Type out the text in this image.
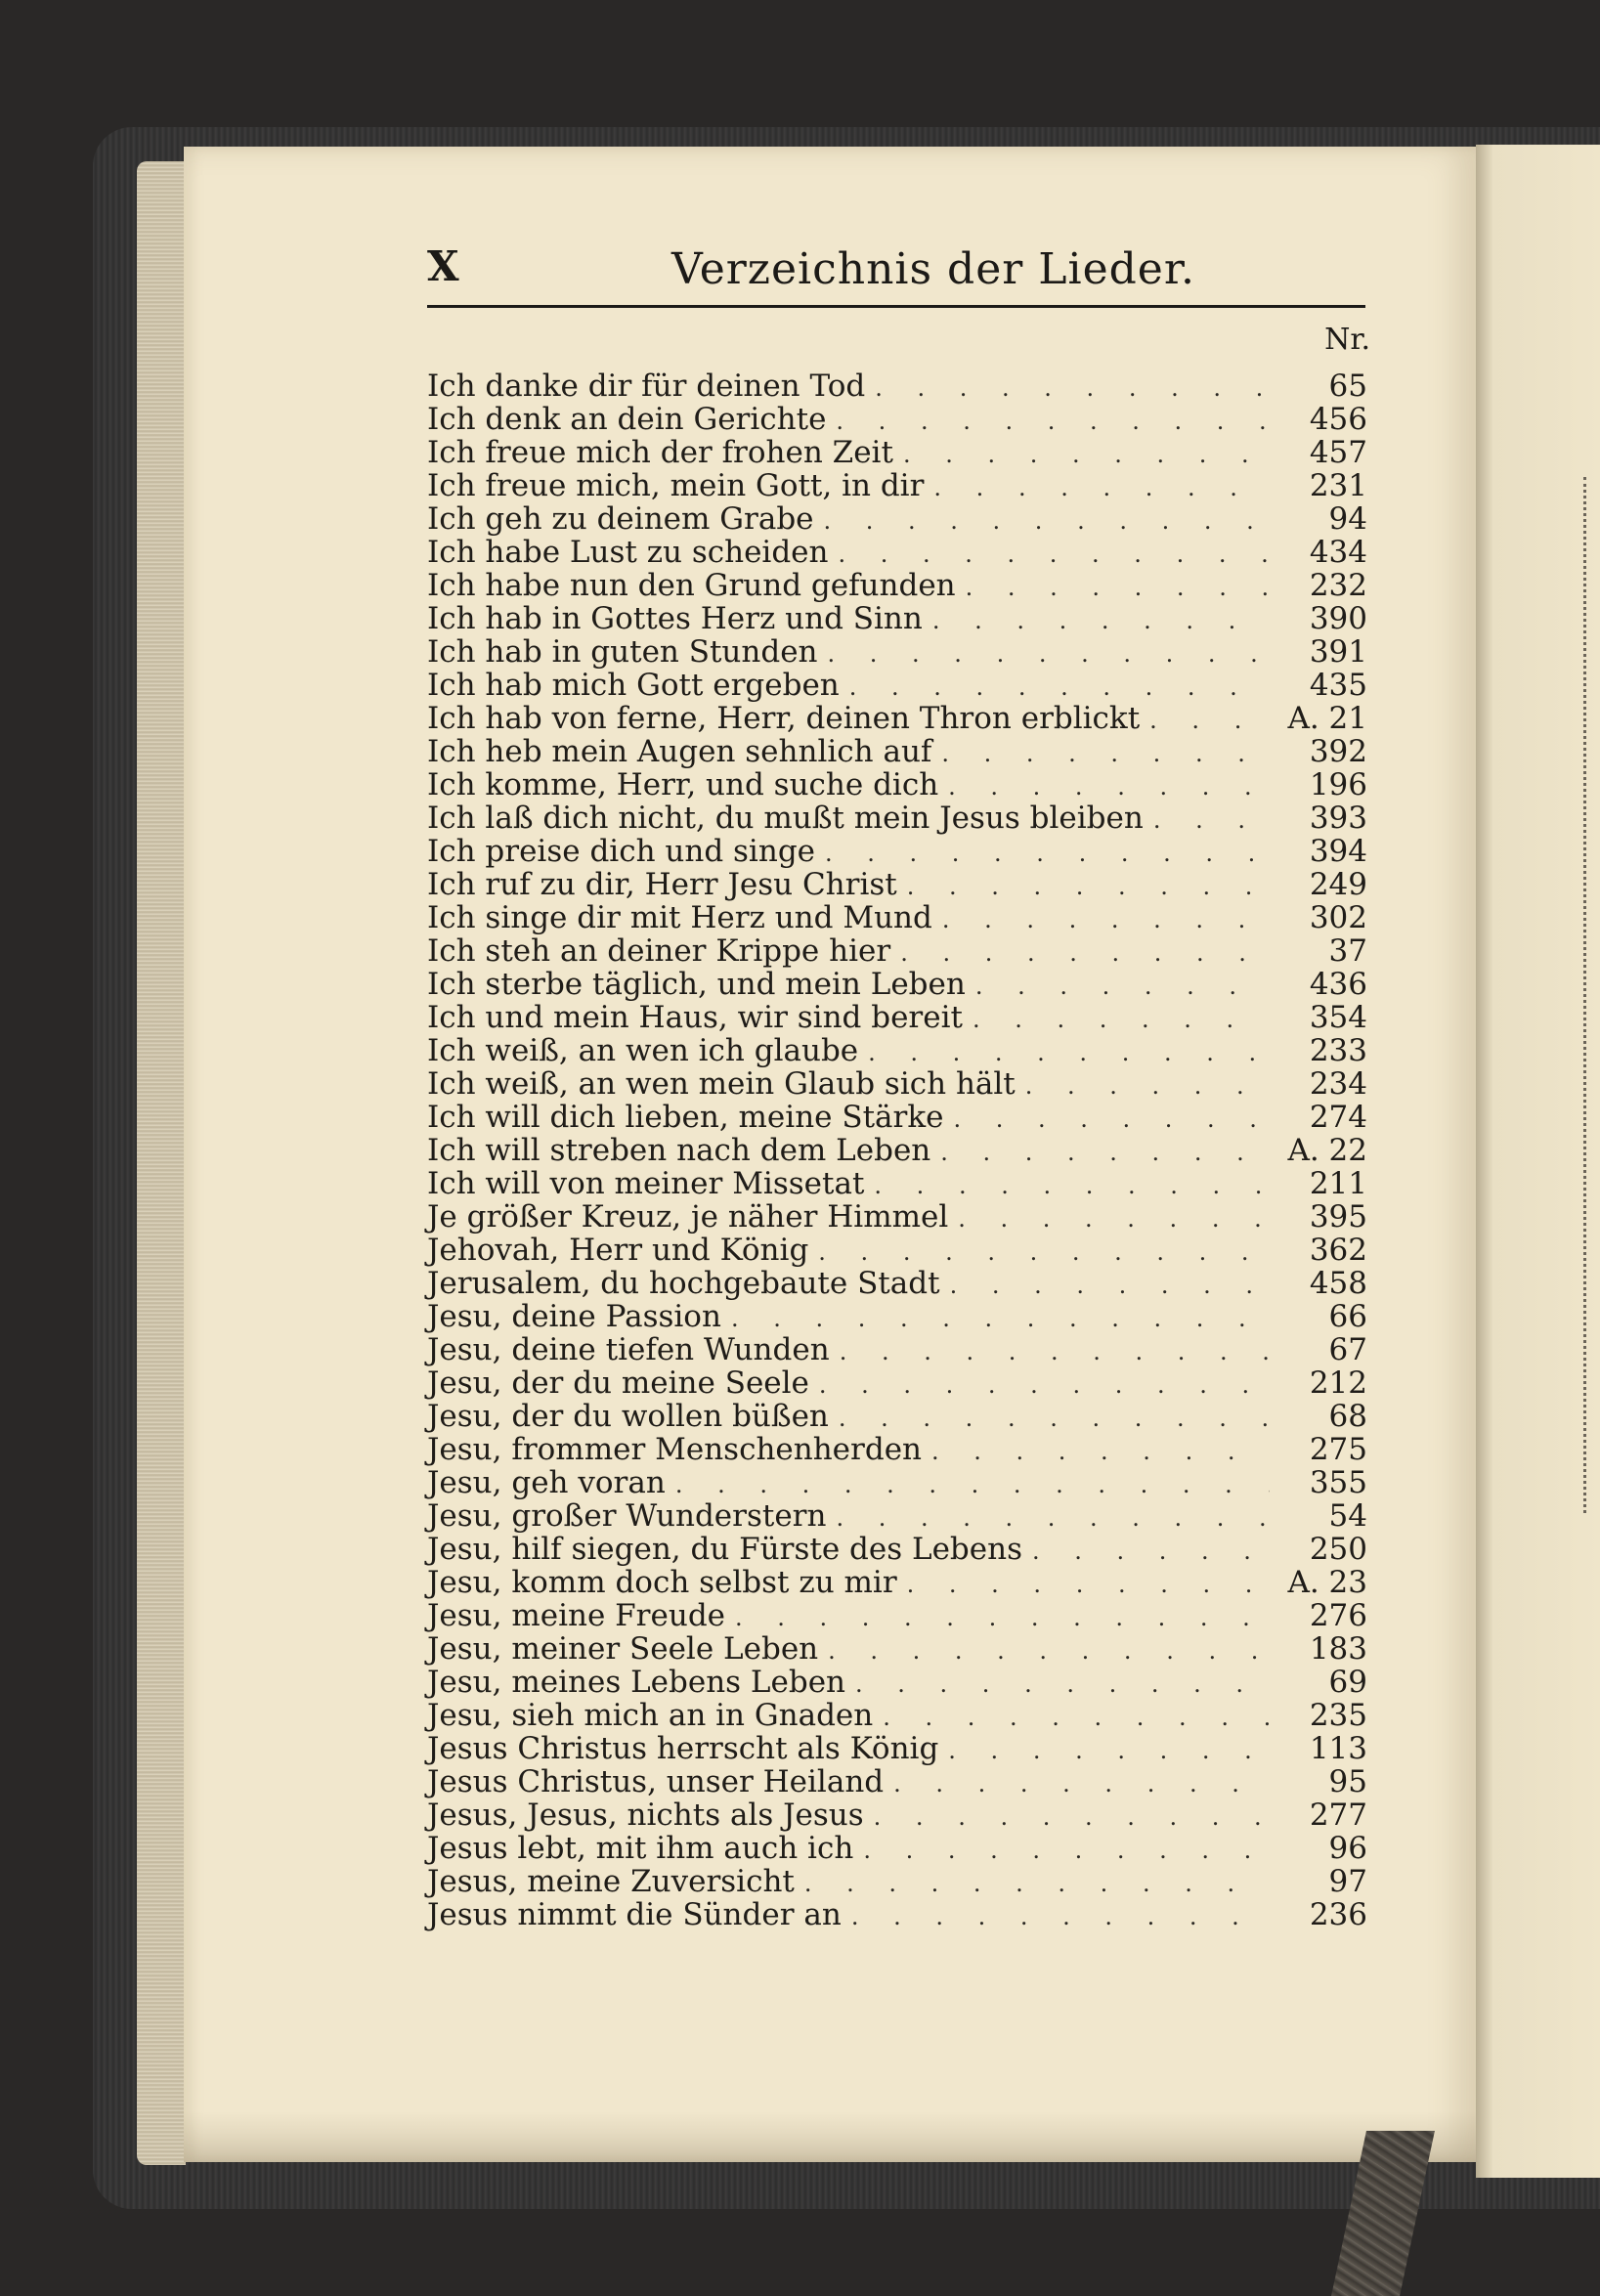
X	Verzeichnis der Lieder.
Nr.
Ich danke dir für deinen Tod . . .	65
Ich denk an dein Gerichte . . .	456
Ich freue mich der frohen Zeit . . .	457
Ich freue mich, mein Gott, in dir . . .	231
Ich geh zu deinem Grabe . . .	94
Ich habe Lust zu scheiden . . .	434
Ich habe nun den Grund gefunden . . .	232
Ich hab in Gottes Herz und Sinn . . .	390
Ich hab in guten Stunden . . .	391
Ich hab mich Gott ergeben . . .	435
Ich hab von ferne, Herr, deinen Thron erblickt . . .	A. 21
Ich heb mein Augen sehnlich auf . . .	392
Ich komme, Herr, und suche dich . . .	196
Ich laß dich nicht, du mußt mein Jesus bleiben . . .	393
Ich preise dich und singe . . .	394
Ich ruf zu dir, Herr Jesu Christ . . .	249
Ich singe dir mit Herz und Mund . . .	302
Ich steh an deiner Krippe hier . . .	37
Ich sterbe täglich, und mein Leben . . .	436
Ich und mein Haus, wir sind bereit . . .	354
Ich weiß, an wen ich glaube . . .	233
Ich weiß, an wen mein Glaub sich hält . . .	234
Ich will dich lieben, meine Stärke . . .	274
Ich will streben nach dem Leben . . .	A. 22
Ich will von meiner Missetat . . .	211
Je größer Kreuz, je näher Himmel . . .	395
Jehovah, Herr und König . . .	362
Jerusalem, du hochgebaute Stadt . . .	458
Jesu, deine Passion . . .	66
Jesu, deine tiefen Wunden . . .	67
Jesu, der du meine Seele . . .	212
Jesu, der du wollen büßen . . .	68
Jesu, frommer Menschenherden . . .	275
Jesu, geh voran . . .	355
Jesu, großer Wunderstern . . .	54
Jesu, hilf siegen, du Fürste des Lebens . . .	250
Jesu, komm doch selbst zu mir . . .	A. 23
Jesu, meine Freude . . .	276
Jesu, meiner Seele Leben . . .	183
Jesu, meines Lebens Leben . . .	69
Jesu, sieh mich an in Gnaden . . .	235
Jesus Christus herrscht als König . . .	113
Jesus Christus, unser Heiland . . .	95
Jesus, Jesus, nichts als Jesus . . .	277
Jesus lebt, mit ihm auch ich . . .	96
Jesus, meine Zuversicht . . .	97
Jesus nimmt die Sünder an . . .	236
